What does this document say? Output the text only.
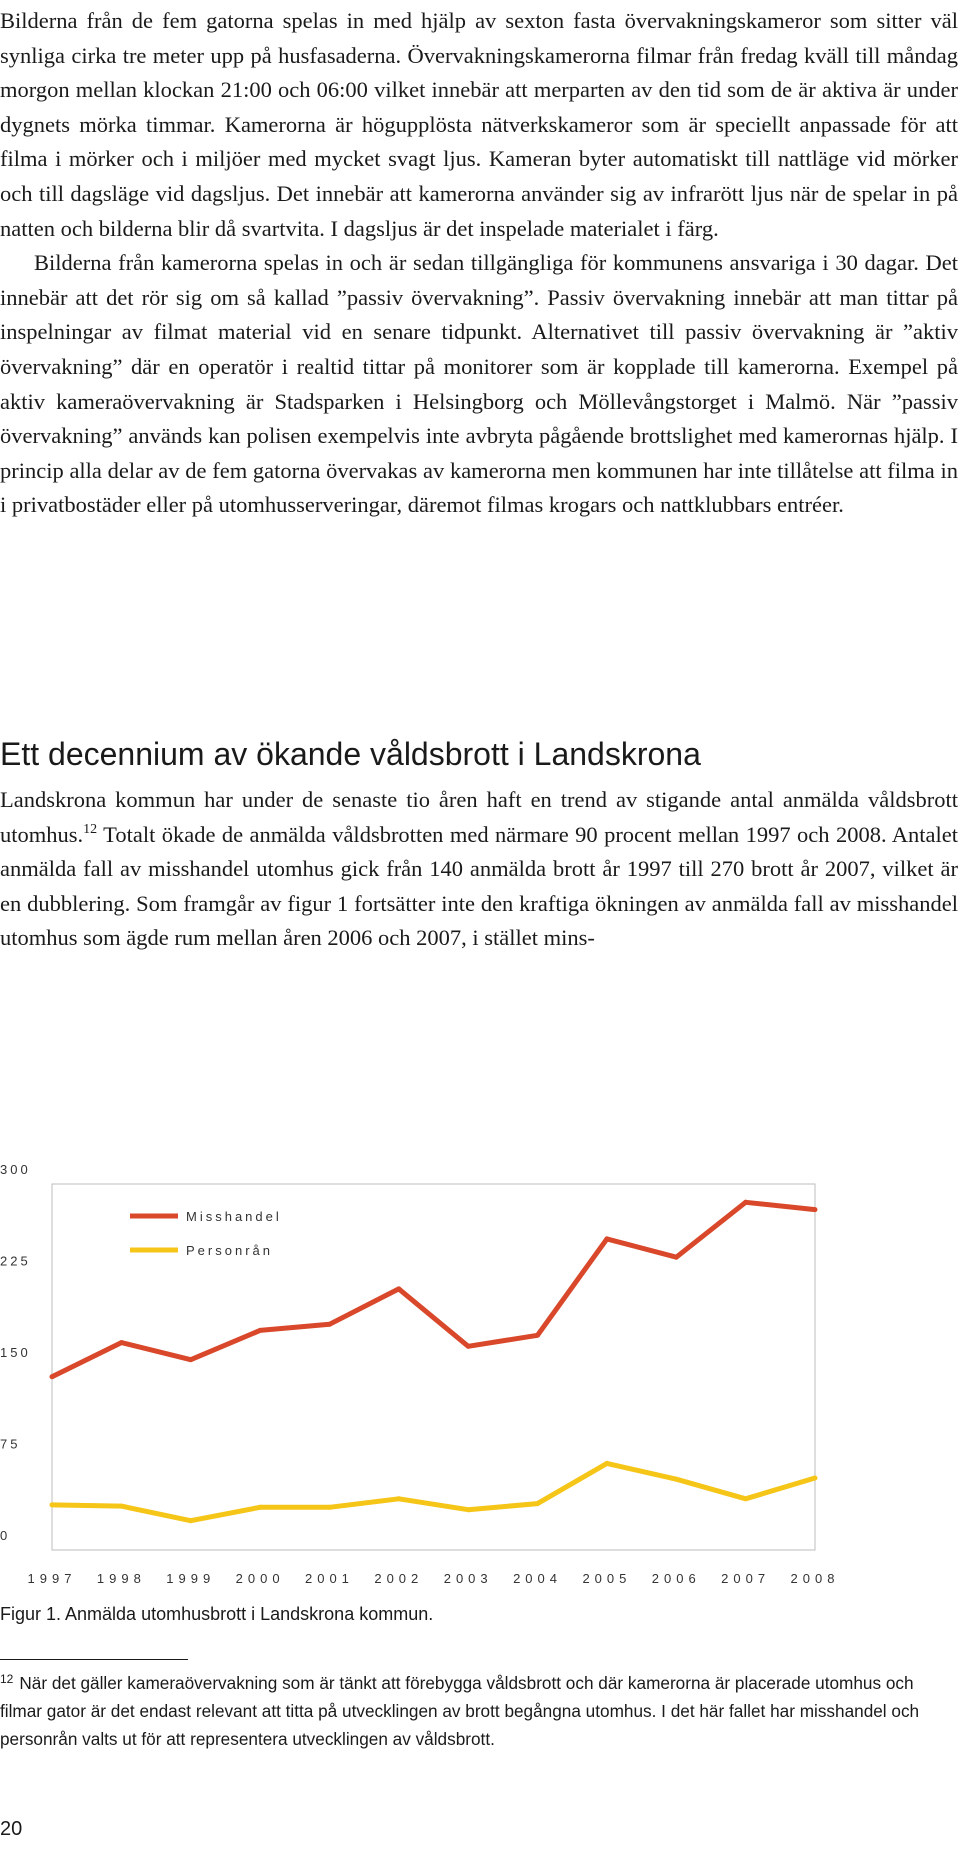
Bilderna från de fem gatorna spelas in med hjälp av sexton fasta övervakningskameror som sitter väl synliga cirka tre meter upp på husfasaderna. Övervakningskamerorna filmar från fredag kväll till måndag morgon mellan klockan 21:00 och 06:00 vilket innebär att merparten av den tid som de är aktiva är under dygnets mörka timmar. Kamerorna är högupplösta nätverkskameror som är speciellt anpassade för att filma i mörker och i miljöer med mycket svagt ljus. Kameran byter automatiskt till nattläge vid mörker och till dagsläge vid dagsljus. Det innebär att kamerorna använder sig av infrarött ljus när de spelar in på natten och bilderna blir då svartvita. I dagsljus är det inspelade materialet i färg.

Bilderna från kamerorna spelas in och är sedan tillgängliga för kommunens ansvariga i 30 dagar. Det innebär att det rör sig om så kallad ”passiv övervakning”. Passiv övervakning innebär att man tittar på inspelningar av filmat material vid en senare tidpunkt. Alternativet till passiv övervakning är ”aktiv övervakning” där en operatör i realtid tittar på monitorer som är kopplade till kamerorna. Exempel på aktiv kameraövervakning är Stadsparken i Helsingborg och Möllevångstorget i Malmö. När ”passiv övervakning” används kan polisen exempelvis inte avbryta pågående brottslighet med kamerornas hjälp. I princip alla delar av de fem gatorna övervakas av kamerorna men kommunen har inte tillåtelse att filma in i privatbostäder eller på utomhusserveringar, däremot filmas krogars och nattklubbars entréer.

Ett decennium av ökande våldsbrott i Landskrona

Landskrona kommun har under de senaste tio åren haft en trend av stigande antal anmälda våldsbrott utomhus.$^{12}$ Totalt ökade de anmälda våldsbrotten med närmare 90 procent mellan 1997 och 2008. Antalet anmälda fall av misshandel utomhus gick från 140 anmälda brott år 1997 till 270 brott år 2007, vilket är en dubblering. Som framgår av figur 1 fortsätter inte den kraftiga ökningen av anmälda fall av misshandel utomhus som ägde rum mellan åren 2006 och 2007, i stället mins-

300
225
150
75
0
1997 1998 1999 2000 2001 2002 2003 2004 2005 2006 2007 2008
Misshandel
Personrån

Figur 1. Anmälda utomhusbrott i Landskrona kommun.

$^{12}$ När det gäller kameraövervakning som är tänkt att förebygga våldsbrott och där kamerorna är placerade utomhus och filmar gator är det endast relevant att titta på utvecklingen av brott begångna utomhus. I det här fallet har misshandel och personrån valts ut för att representera utvecklingen av våldsbrott.

20
